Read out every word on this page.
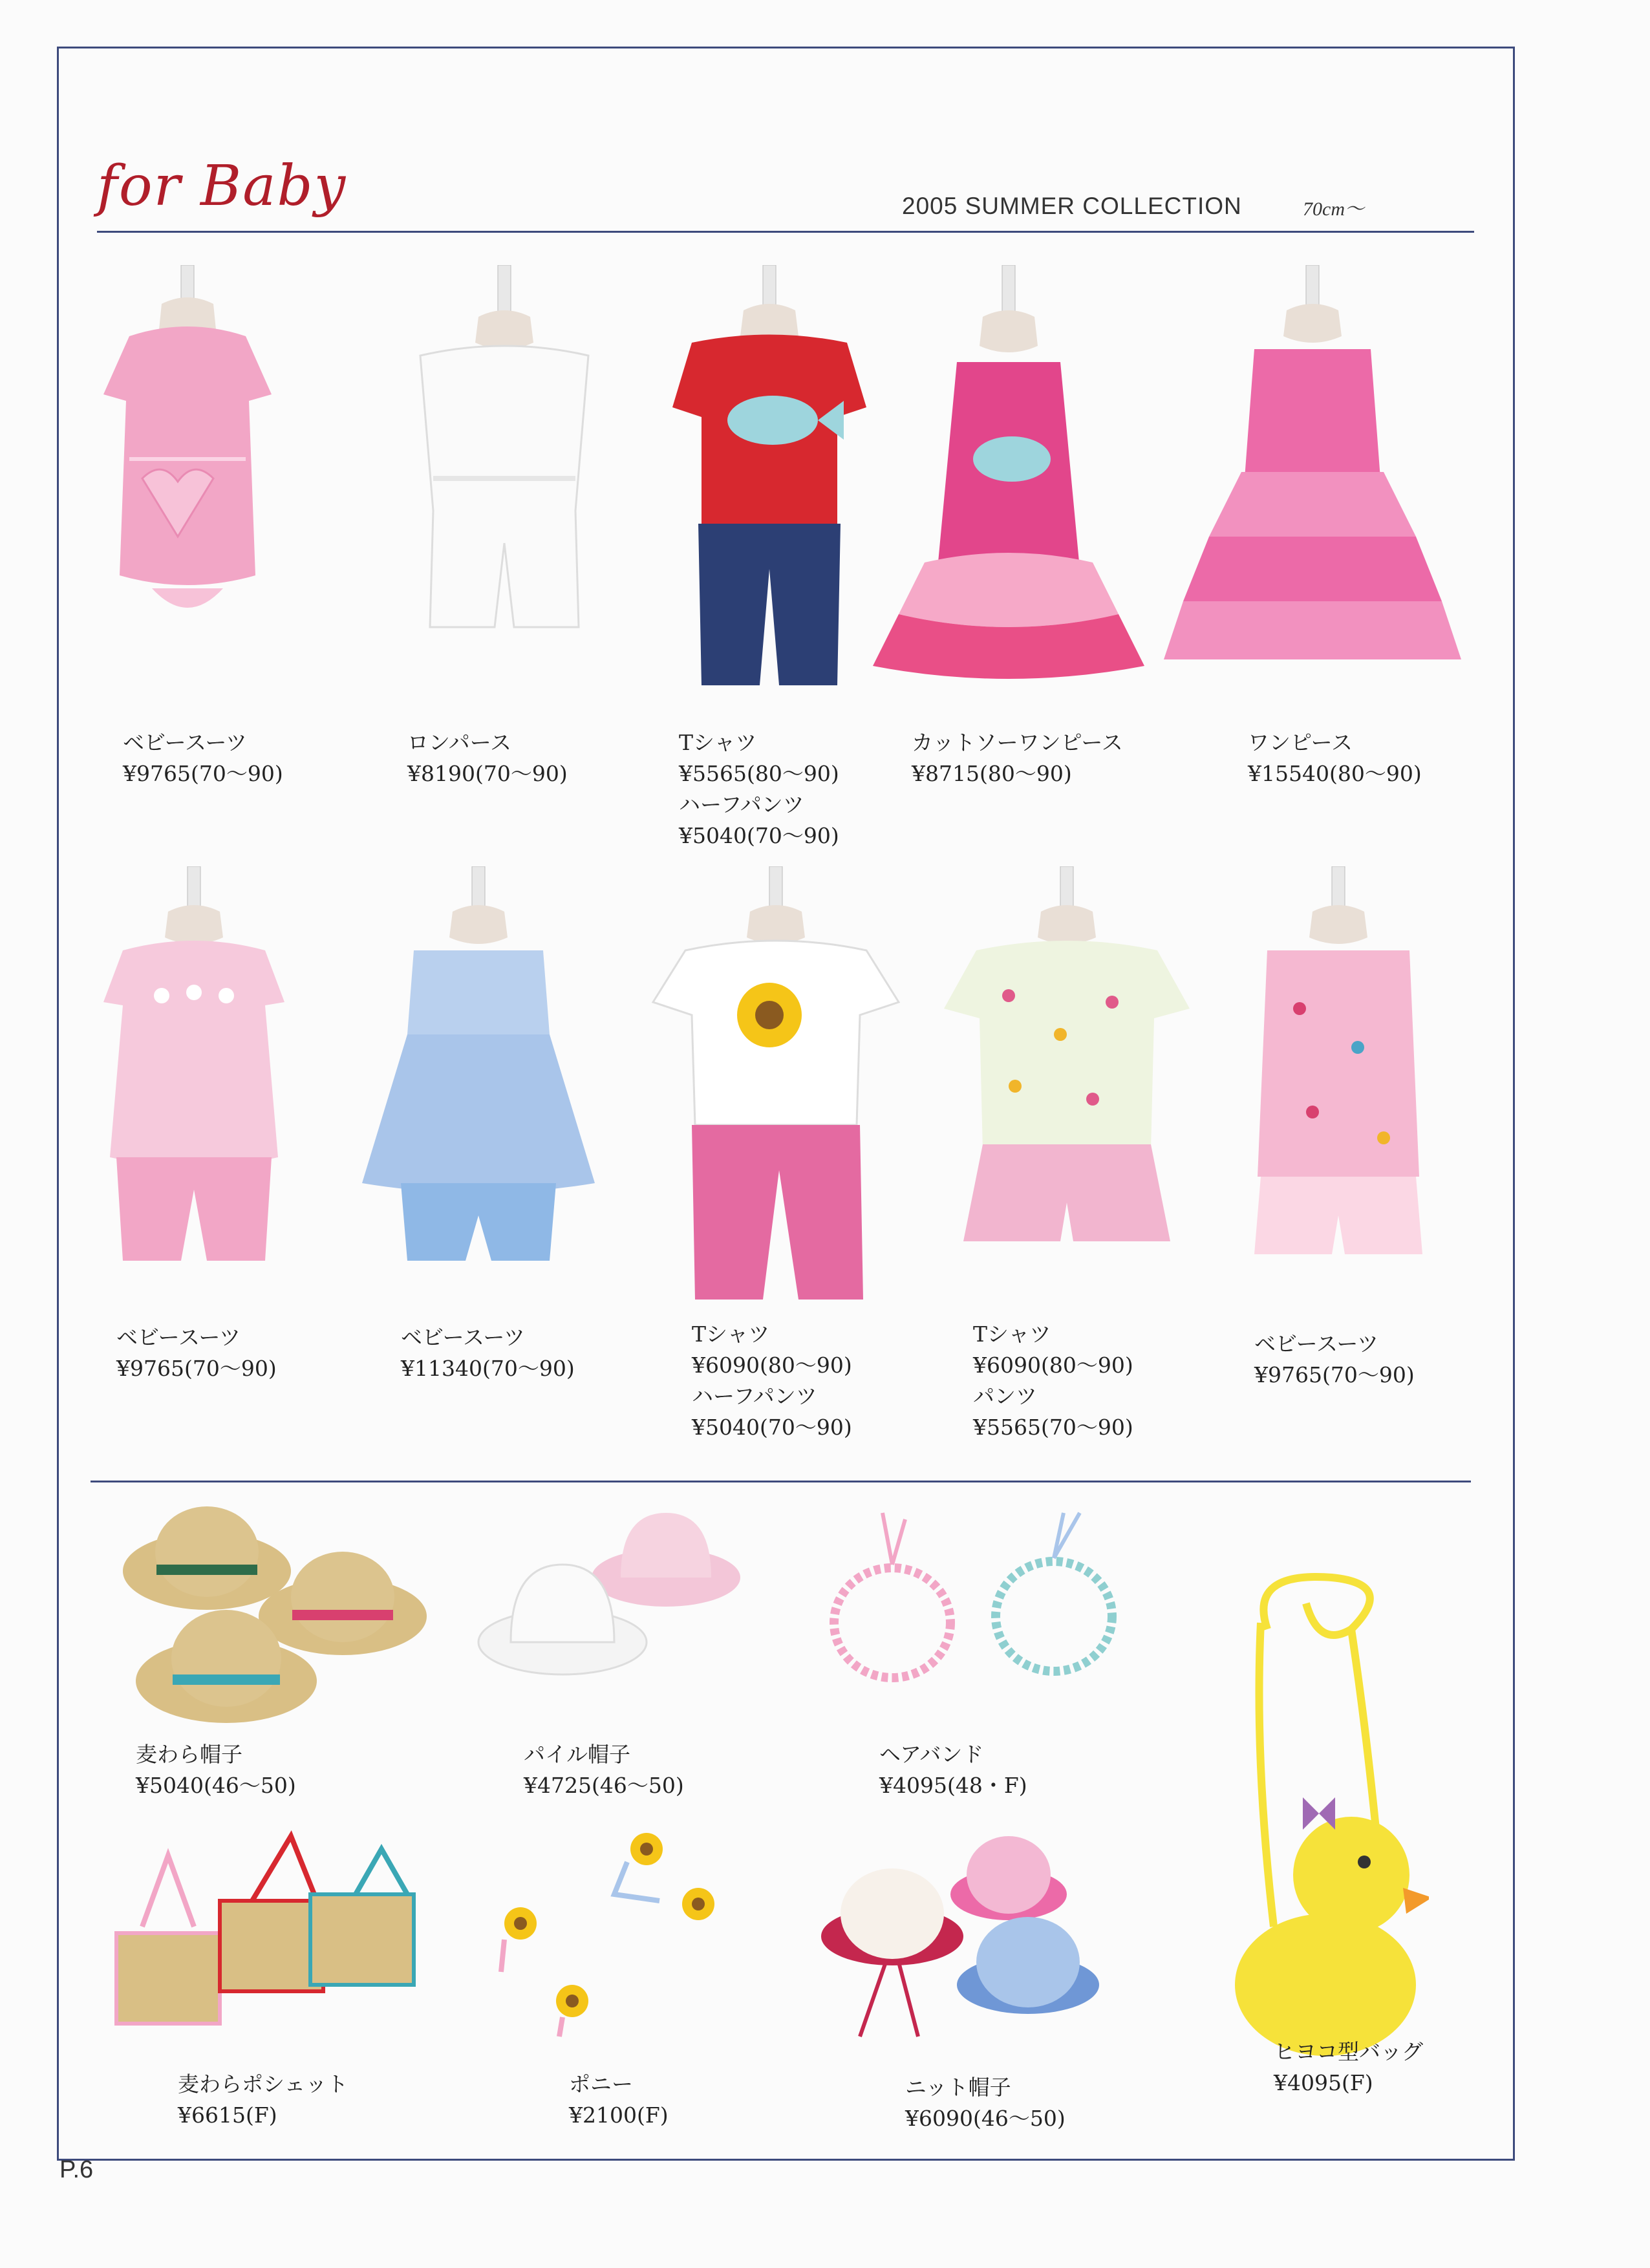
for Baby	2005 SUMMER COLLECTION	70cm〜
ベビースーツ
¥9765(70〜90)
ロンパース
¥8190(70〜90)
Tシャツ
¥5565(80〜90)
ハーフパンツ
¥5040(70〜90)
カットソーワンピース
¥8715(80〜90)
ワンピース
¥15540(80〜90)
ベビースーツ
¥9765(70〜90)
ベビースーツ
¥11340(70〜90)
Tシャツ
¥6090(80〜90)
ハーフパンツ
¥5040(70〜90)
Tシャツ
¥6090(80〜90)
パンツ
¥5565(70〜90)
ベビースーツ
¥9765(70〜90)
麦わら帽子
¥5040(46〜50)
パイル帽子
¥4725(46〜50)
ヘアバンド
¥4095(48・F)
ヒヨコ型バッグ
¥4095(F)
麦わらポシェット
¥6615(F)
ポニー
¥2100(F)
ニット帽子
¥6090(46〜50)
P.6
